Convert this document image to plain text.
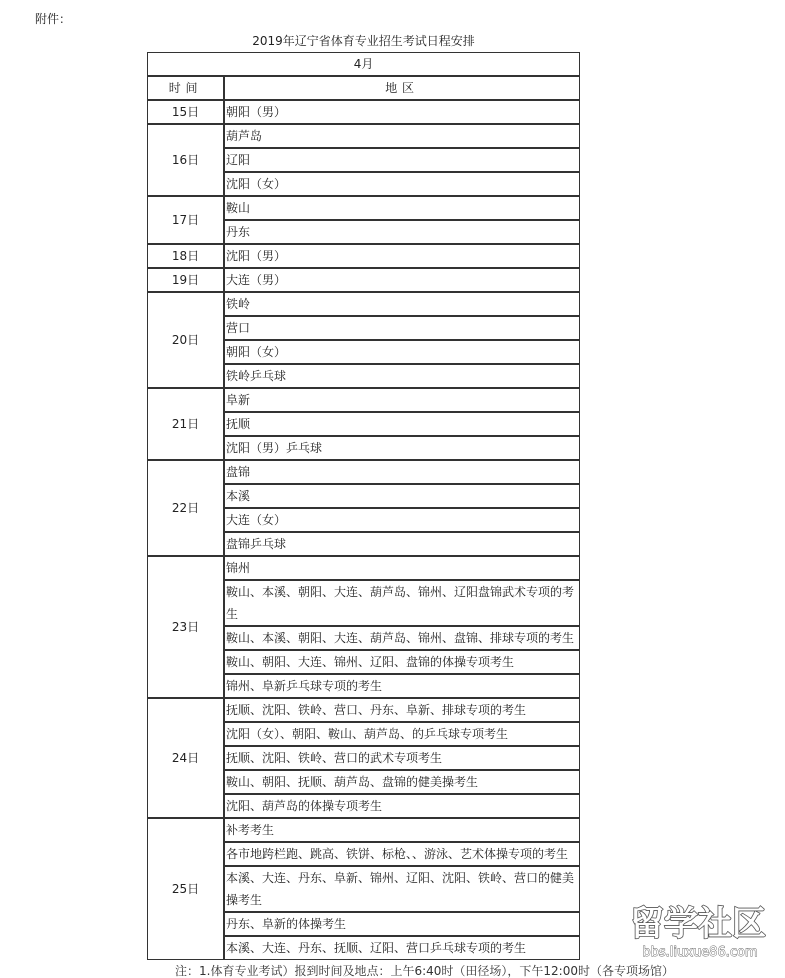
附件：
2019年辽宁省体育专业招生考试日程安排
4月	
时间	地区
15日	朝阳（男）
16日	葫芦岛
	辽阳
	沈阳（女）
17日	鞍山
	丹东
18日	沈阳（男）
19日	大连（男）
20日	铁岭
	营口
	朝阳（女）
	铁岭乒乓球
21日	阜新
	抚顺
	沈阳（男）乒乓球
22日	盘锦
	本溪
	大连（女）
	盘锦乒乓球
23日	锦州
	鞍山、本溪、朝阳、大连、葫芦岛、锦州、辽阳盘锦武术专项的考生
	鞍山、本溪、朝阳、大连、葫芦岛、锦州、盘锦、排球专项的考生
	鞍山、朝阳、大连、锦州、辽阳、盘锦的体操专项考生
	锦州、阜新乒乓球专项的考生
24日	抚顺、沈阳、铁岭、营口、丹东、阜新、排球专项的考生
	沈阳（女）、朝阳、鞍山、葫芦岛、的乒乓球专项考生
	抚顺、沈阳、铁岭、营口的武术专项考生
	鞍山、朝阳、抚顺、葫芦岛、盘锦的健美操考生
	沈阳、葫芦岛的体操专项考生
25日	补考考生
	各市地跨栏跑、跳高、铁饼、标枪、、游泳、艺术体操专项的考生
	本溪、大连、丹东、阜新、锦州、辽阳、沈阳、铁岭、营口的健美操考生
	丹东、阜新的体操考生
	本溪、大连、丹东、抚顺、辽阳、营口乒乓球专项的考生
注：1.体育专业考试）报到时间及地点：上午6:40时（田径场），下午12:00时（各专项场馆）
留学社区
bbs.liuxue86.com
